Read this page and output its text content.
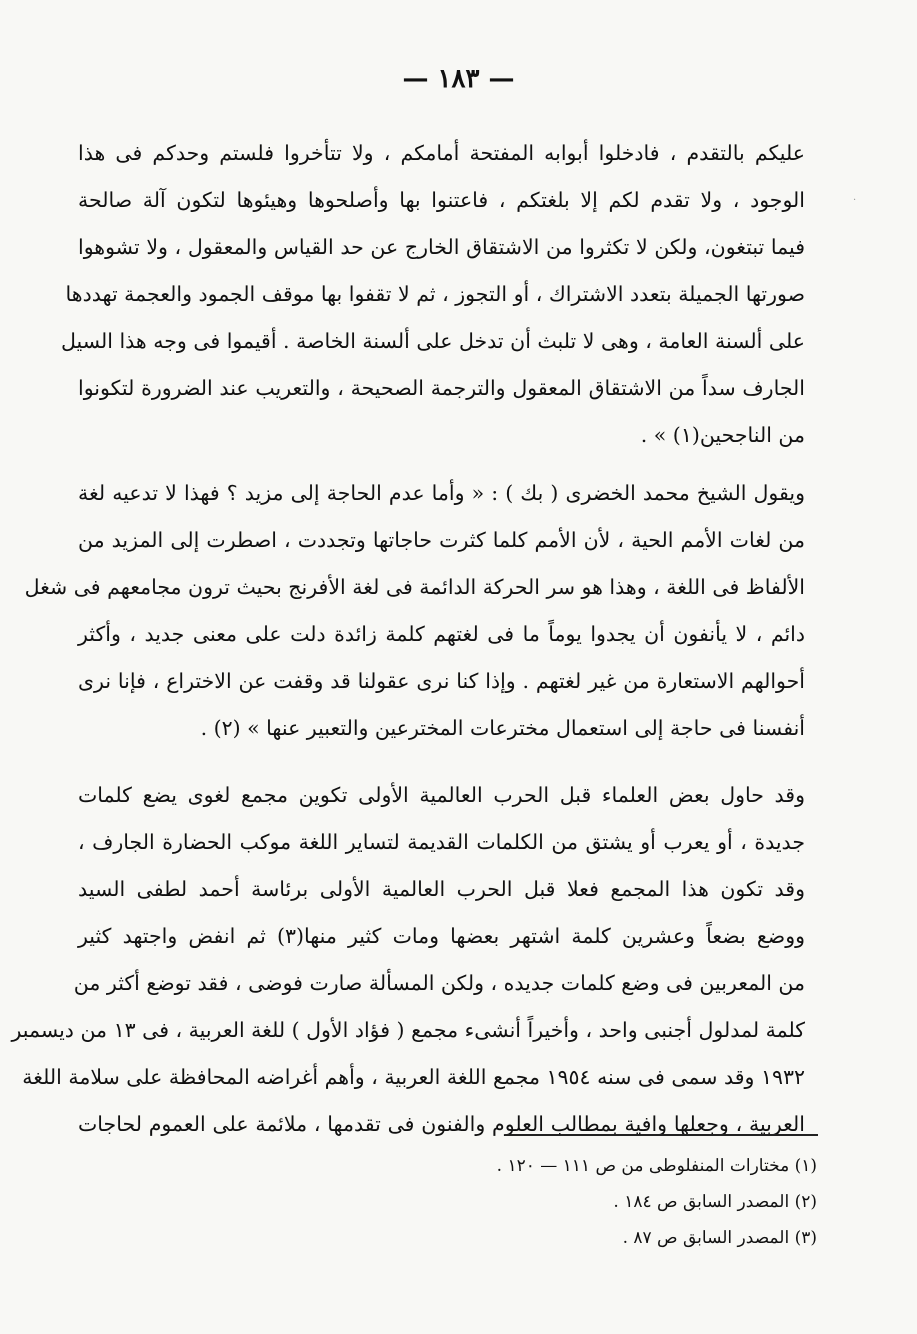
— ١٨٣ —
·
عليكم بالتقدم ، فادخلوا أبوابه المفتحة أمامكم ، ولا تتأخروا فلستم وحدكم فى هذا
الوجود ، ولا تقدم لكم إلا بلغتكم ، فاعتنوا بها وأصلحوها وهيئوها لتكون آلة صالحة
فيما تبتغون، ولكن لا تكثروا من الاشتقاق الخارج عن حد القياس والمعقول ، ولا تشوهوا
صورتها الجميلة بتعدد الاشتراك ، أو التجوز ، ثم لا تقفوا بها موقف الجمود والعجمة تهددها
على ألسنة العامة ، وهى لا تلبث أن تدخل على ألسنة الخاصة . أقيموا فى وجه هذا السيل
الجارف سداً من الاشتقاق المعقول والترجمة الصحيحة ، والتعريب عند الضرورة لتكونوا
من الناجحين(١) » .
ويقول الشيخ محمد الخضرى ( بك ) : « وأما عدم الحاجة إلى مزيد ؟ فهذا لا تدعيه لغة
من لغات الأمم الحية ، لأن الأمم كلما كثرت حاجاتها وتجددت ، اصطرت إلى المزيد من
الألفاظ فى اللغة ، وهذا هو سر الحركة الدائمة فى لغة الأفرنج بحيث ترون مجامعهم فى شغل
دائم ، لا يأنفون أن يجدوا يوماً ما فى لغتهم كلمة زائدة دلت على معنى جديد ، وأكثر
أحوالهم الاستعارة من غير لغتهم . وإذا كنا نرى عقولنا قد وقفت عن الاختراع ، فإنا نرى
أنفسنا فى حاجة إلى استعمال مخترعات المخترعين والتعبير عنها » (٢) .
وقد حاول بعض العلماء قبل الحرب العالمية الأولى تكوين مجمع لغوى يضع كلمات
جديدة ، أو يعرب أو يشتق من الكلمات القديمة لتساير اللغة موكب الحضارة الجارف ،
وقد تكون هذا المجمع فعلا قبل الحرب العالمية الأولى برئاسة أحمد لطفى السيد
ووضع بضعاً وعشرين كلمة اشتهر بعضها ومات كثير منها(٣) ثم انفض واجتهد كثير
من المعربين فى وضع كلمات جديده ، ولكن المسألة صارت فوضى ، فقد توضع أكثر من
كلمة لمدلول أجنبى واحد ، وأخيراً أنشىء مجمع ( فؤاد الأول ) للغة العربية ، فى ١٣ من ديسمبر
١٩٣٢ وقد سمى فى سنه ١٩٥٤ مجمع اللغة العربية ، وأهم أغراضه المحافظة على سلامة اللغة
العربية ، وجعلها وافية بمطالب العلوم والفنون فى تقدمها ، ملائمة على العموم لحاجات
(١) مختارات المنفلوطى من ص ١١١ — ١٢٠ .
(٢) المصدر السابق ص ١٨٤ .
(٣) المصدر السابق ص ٨٧ .
